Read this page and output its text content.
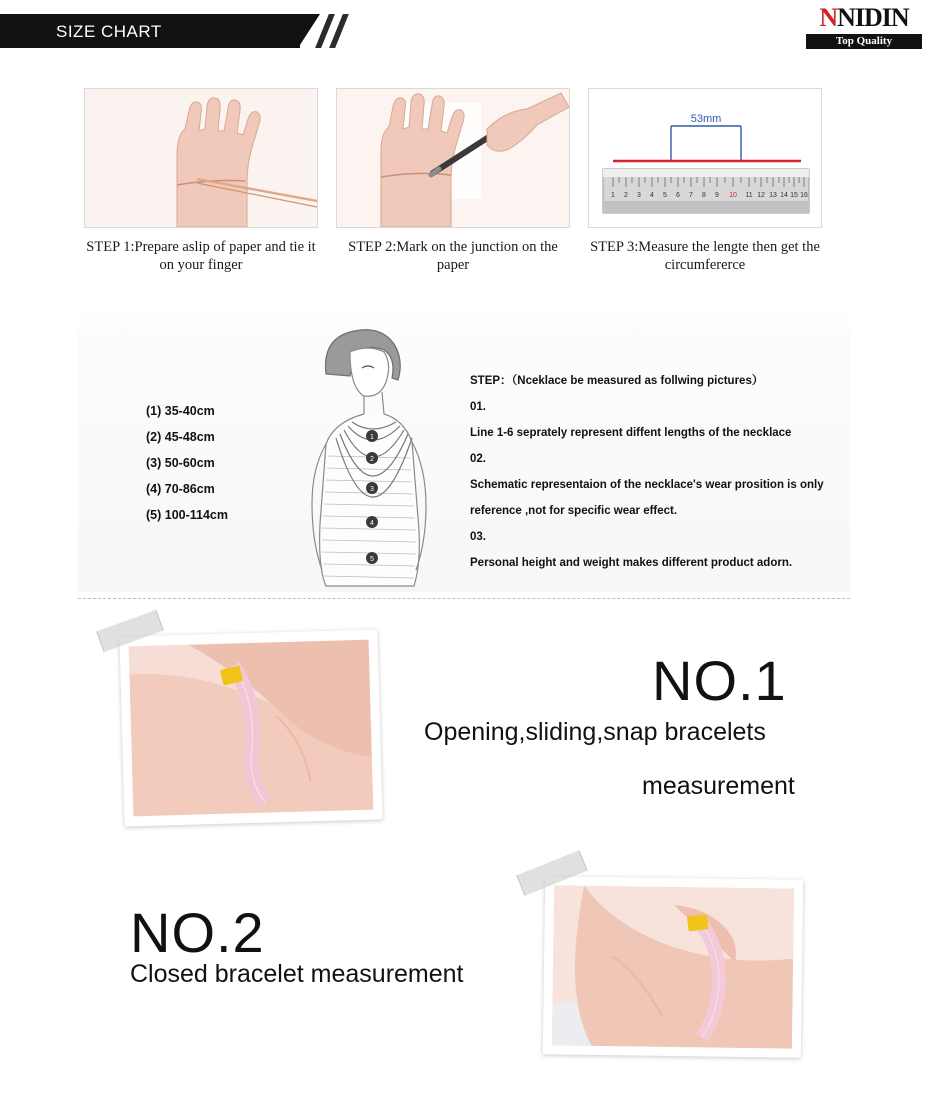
SIZE CHART	NNIDIN
Top Quality
STEP 1:Prepare aslip of paper and tie it on your finger
STEP 2:Mark on the junction on the paper
53mm
1 2 3 4 5 6 7 8 9 10 11 12 13 14 15 16
STEP 3:Measure the lengte then get the circumfererce
(1) 35-40cm
(2) 45-48cm
(3) 50-60cm
(4) 70-86cm
(5) 100-114cm
1
2
3
4
5
STEP：（Nceklace be measured as follwing pictures）
01.
Line 1-6 seprately represent diffent lengths of the necklace
02.
Schematic representaion of the necklace's wear prosition is only
reference ,not for specific wear effect.
03.
Personal height and weight makes different product adorn.
NO.1
Opening,sliding,snap bracelets
measurement
NO.2
Closed bracelet measurement
